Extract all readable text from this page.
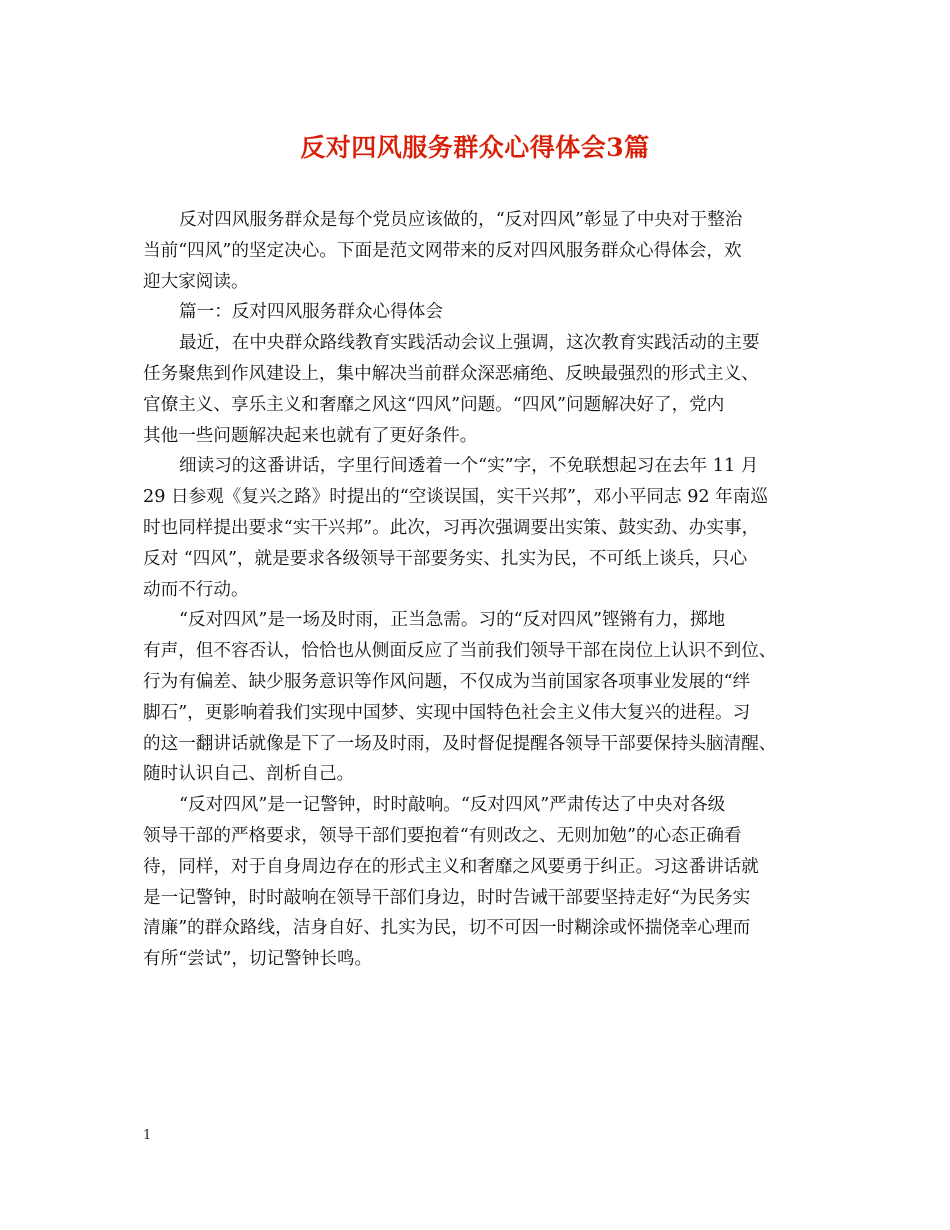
反对四风服务群众心得体会3篇
反对四风服务群众是每个党员应该做的，“反对四风”彰显了中央对于整治
当前“四风”的坚定决心。下面是范文网带来的反对四风服务群众心得体会，欢
迎大家阅读。
篇一：反对四风服务群众心得体会
最近，在中央群众路线教育实践活动会议上强调，这次教育实践活动的主要
任务聚焦到作风建设上，集中解决当前群众深恶痛绝、反映最强烈的形式主义、
官僚主义、享乐主义和奢靡之风这“四风”问题。“四风”问题解决好了，党内
其他一些问题解决起来也就有了更好条件。
细读习的这番讲话，字里行间透着一个“实”字，不免联想起习在去年 11 月
29 日参观《复兴之路》时提出的“空谈误国，实干兴邦”，邓小平同志 92 年南巡
时也同样提出要求“实干兴邦”。此次，习再次强调要出实策、鼓实劲、办实事，
反对 “四风”，就是要求各级领导干部要务实、扎实为民，不可纸上谈兵，只心
动而不行动。
“反对四风”是一场及时雨，正当急需。习的“反对四风”铿锵有力，掷地
有声，但不容否认，恰恰也从侧面反应了当前我们领导干部在岗位上认识不到位、
行为有偏差、缺少服务意识等作风问题，不仅成为当前国家各项事业发展的“绊
脚石”，更影响着我们实现中国梦、实现中国特色社会主义伟大复兴的进程。习
的这一翻讲话就像是下了一场及时雨，及时督促提醒各领导干部要保持头脑清醒、
随时认识自己、剖析自己。
“反对四风”是一记警钟，时时敲响。“反对四风”严肃传达了中央对各级
领导干部的严格要求，领导干部们要抱着“有则改之、无则加勉”的心态正确看
待，同样，对于自身周边存在的形式主义和奢靡之风要勇于纠正。习这番讲话就
是一记警钟，时时敲响在领导干部们身边，时时告诫干部要坚持走好“为民务实
清廉”的群众路线，洁身自好、扎实为民，切不可因一时糊涂或怀揣侥幸心理而
有所“尝试”，切记警钟长鸣。
1
